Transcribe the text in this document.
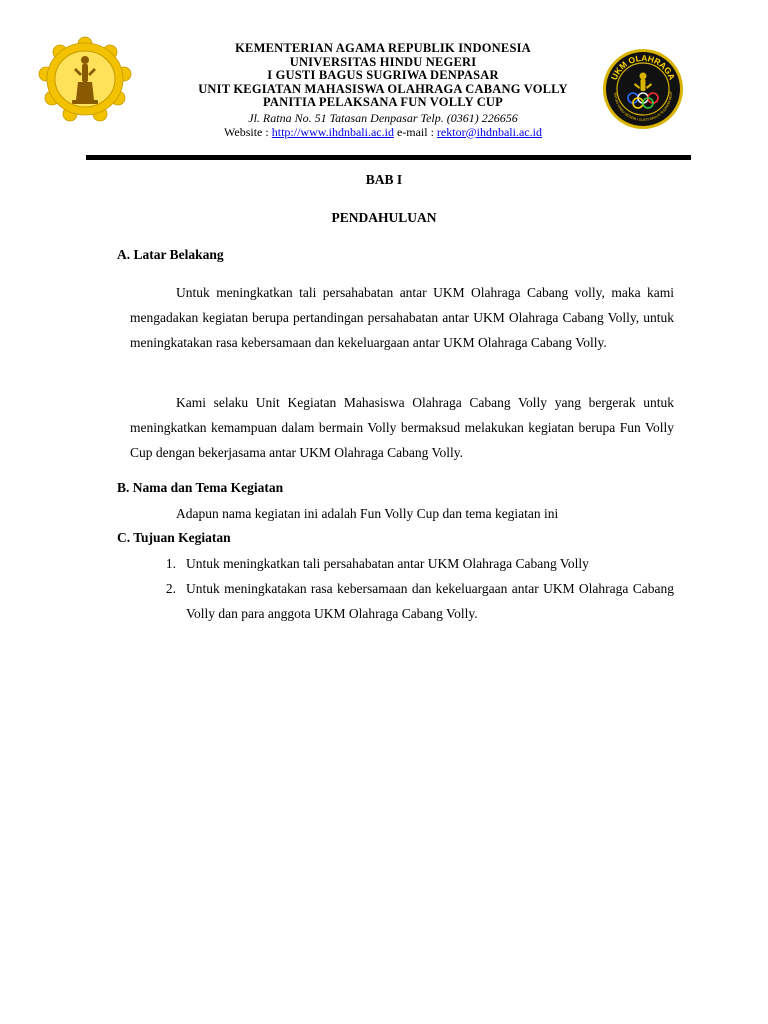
KEMENTERIAN AGAMA REPUBLIK INDONESIA
UNIVERSITAS HINDU NEGERI
I GUSTI BAGUS SUGRIWA DENPASAR
UNIT KEGIATAN MAHASISWA OLAHRAGA CABANG VOLLY
PANITIA PELAKSANA FUN VOLLY CUP
Jl. Ratna No. 51 Tatasan Denpasar Telp. (0361) 226656
Website : http://www.ihdnbali.ac.id e-mail : rektor@ihdnbali.ac.id
UKM OLAHRAGA
RSITAS HINDU NEGERI I GUSTI BAGUS SUGRIWA DENP
BAB I
PENDAHULUAN
A. Latar Belakang
Untuk meningkatkan tali persahabatan antar UKM Olahraga Cabang volly, maka kami mengadakan kegiatan berupa pertandingan persahabatan antar UKM Olahraga Cabang Volly, untuk meningkatakan rasa kebersamaan dan kekeluargaan antar UKM Olahraga Cabang Volly.
Kami selaku Unit Kegiatan Mahasiswa Olahraga Cabang Volly yang bergerak untuk meningkatkan kemampuan dalam bermain Volly bermaksud melakukan kegiatan berupa Fun Volly Cup dengan bekerjasama antar UKM Olahraga Cabang Volly.
B. Nama dan Tema Kegiatan
Adapun nama kegiatan ini adalah Fun Volly Cup dan tema kegiatan ini
C. Tujuan Kegiatan
1. Untuk meningkatkan tali persahabatan antar UKM Olahraga Cabang Volly
2. Untuk meningkatakan rasa kebersamaan dan kekeluargaan antar UKM Olahraga Cabang Volly dan para anggota UKM Olahraga Cabang Volly.
